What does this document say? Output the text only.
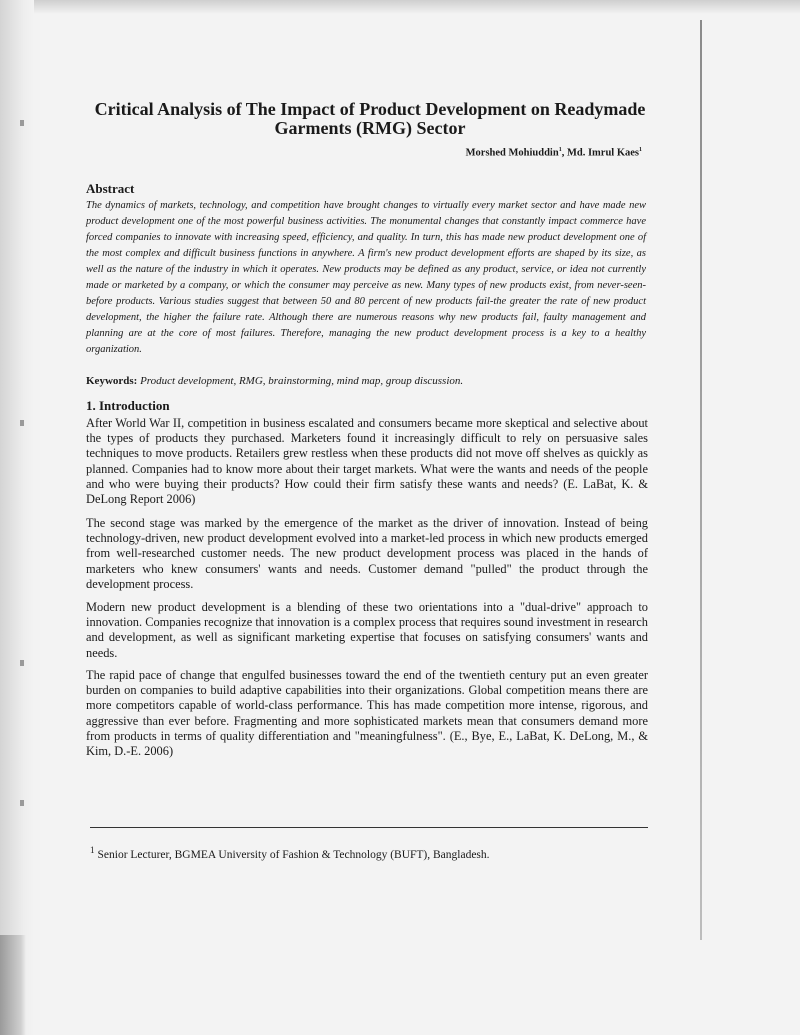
Critical Analysis of The Impact of Product Development on Readymade Garments (RMG) Sector
Morshed Mohiuddin$^1$, Md. Imrul Kaes$^1$
Abstract

The dynamics of markets, technology, and competition have brought changes to virtually every market sector and have made new product development one of the most powerful business activities. The monumental changes that constantly impact commerce have forced companies to innovate with increasing speed, efficiency, and quality. In turn, this has made new product development one of the most complex and difficult business functions in anywhere. A firm's new product development efforts are shaped by its size, as well as the nature of the industry in which it operates. New products may be defined as any product, service, or idea not currently made or marketed by a company, or which the consumer may perceive as new. Many types of new products exist, from never-seen-before products. Various studies suggest that between 50 and 80 percent of new products fail-the greater the rate of new product development, the higher the failure rate. Although there are numerous reasons why new products fail, faulty management and planning are at the core of most failures. Therefore, managing the new product development process is a key to a healthy organization.

Keywords: Product development, RMG, brainstorming, mind map, group discussion.

1. Introduction

After World War II, competition in business escalated and consumers became more skeptical and selective about the types of products they purchased. Marketers found it increasingly difficult to rely on persuasive sales techniques to move products. Retailers grew restless when these products did not move off shelves as quickly as planned. Companies had to know more about their target markets. What were the wants and needs of the people and who were buying their products? How could their firm satisfy these wants and needs? (E. LaBat, K. & DeLong Report 2006)

The second stage was marked by the emergence of the market as the driver of innovation. Instead of being technology-driven, new product development evolved into a market-led process in which new products emerged from well-researched customer needs. The new product development process was placed in the hands of marketers who knew consumers' wants and needs. Customer demand "pulled" the product through the development process.

Modern new product development is a blending of these two orientations into a "dual-drive" approach to innovation. Companies recognize that innovation is a complex process that requires sound investment in research and development, as well as significant marketing expertise that focuses on satisfying consumers' wants and needs.

The rapid pace of change that engulfed businesses toward the end of the twentieth century put an even greater burden on companies to build adaptive capabilities into their organizations. Global competition means there are more competitors capable of world-class performance. This has made competition more intense, rigorous, and aggressive than ever before. Fragmenting and more sophisticated markets mean that consumers demand more from products in terms of quality differentiation and "meaningfulness". (E., Bye, E., LaBat, K. DeLong, M., & Kim, D.-E. 2006)

$^1$ Senior Lecturer, BGMEA University of Fashion & Technology (BUFT), Bangladesh.
